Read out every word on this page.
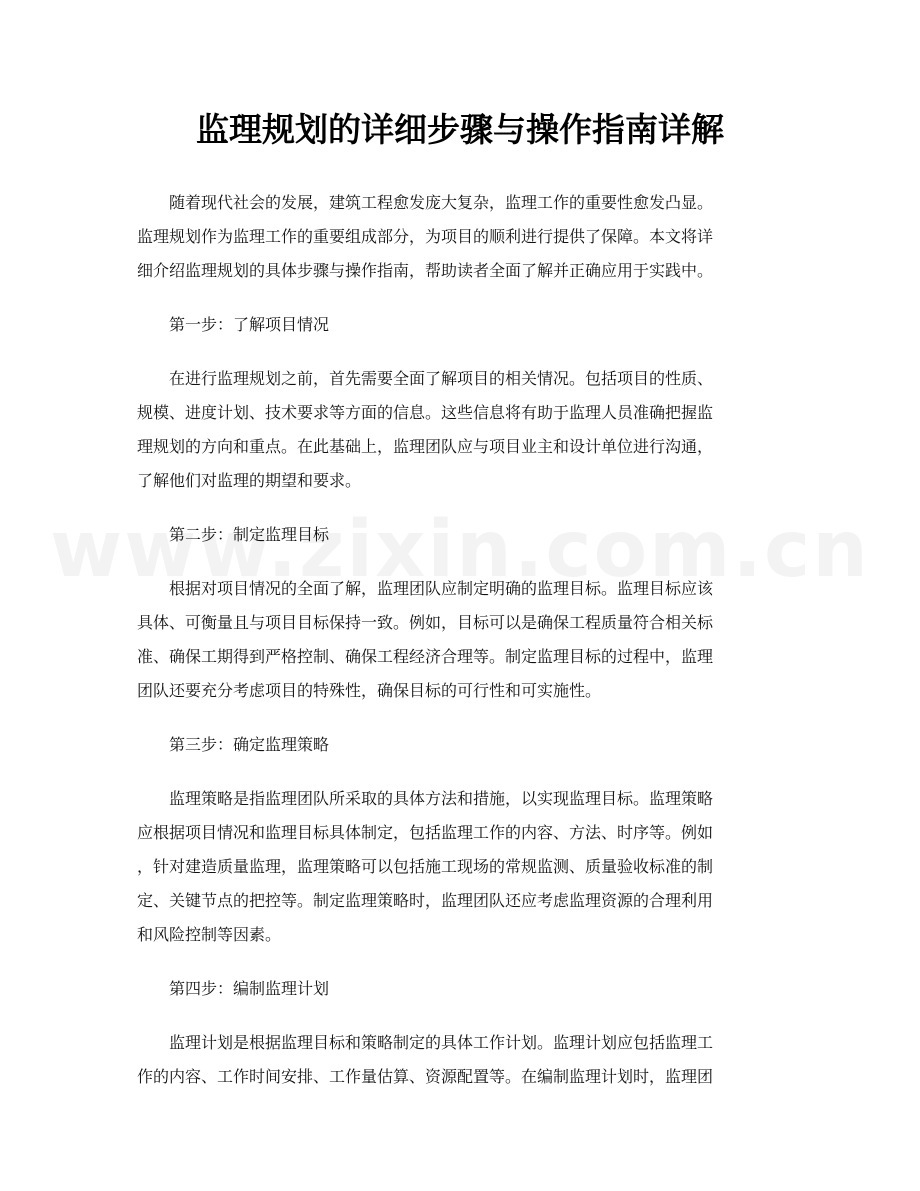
监理规划的详细步骤与操作指南详解
　　随着现代社会的发展，建筑工程愈发庞大复杂，监理工作的重要性愈发凸显。
监理规划作为监理工作的重要组成部分，为项目的顺利进行提供了保障。本文将详
细介绍监理规划的具体步骤与操作指南，帮助读者全面了解并正确应用于实践中。
第一步：了解项目情况
　　在进行监理规划之前，首先需要全面了解项目的相关情况。包括项目的性质、
规模、进度计划、技术要求等方面的信息。这些信息将有助于监理人员准确把握监
理规划的方向和重点。在此基础上，监理团队应与项目业主和设计单位进行沟通，
了解他们对监理的期望和要求。
第二步：制定监理目标
　　根据对项目情况的全面了解，监理团队应制定明确的监理目标。监理目标应该
具体、可衡量且与项目目标保持一致。例如，目标可以是确保工程质量符合相关标
准、确保工期得到严格控制、确保工程经济合理等。制定监理目标的过程中，监理
团队还要充分考虑项目的特殊性，确保目标的可行性和可实施性。
第三步：确定监理策略
　　监理策略是指监理团队所采取的具体方法和措施，以实现监理目标。监理策略
应根据项目情况和监理目标具体制定，包括监理工作的内容、方法、时序等。例如
，针对建造质量监理，监理策略可以包括施工现场的常规监测、质量验收标准的制
定、关键节点的把控等。制定监理策略时，监理团队还应考虑监理资源的合理利用
和风险控制等因素。
第四步：编制监理计划
　　监理计划是根据监理目标和策略制定的具体工作计划。监理计划应包括监理工
作的内容、工作时间安排、工作量估算、资源配置等。在编制监理计划时，监理团
